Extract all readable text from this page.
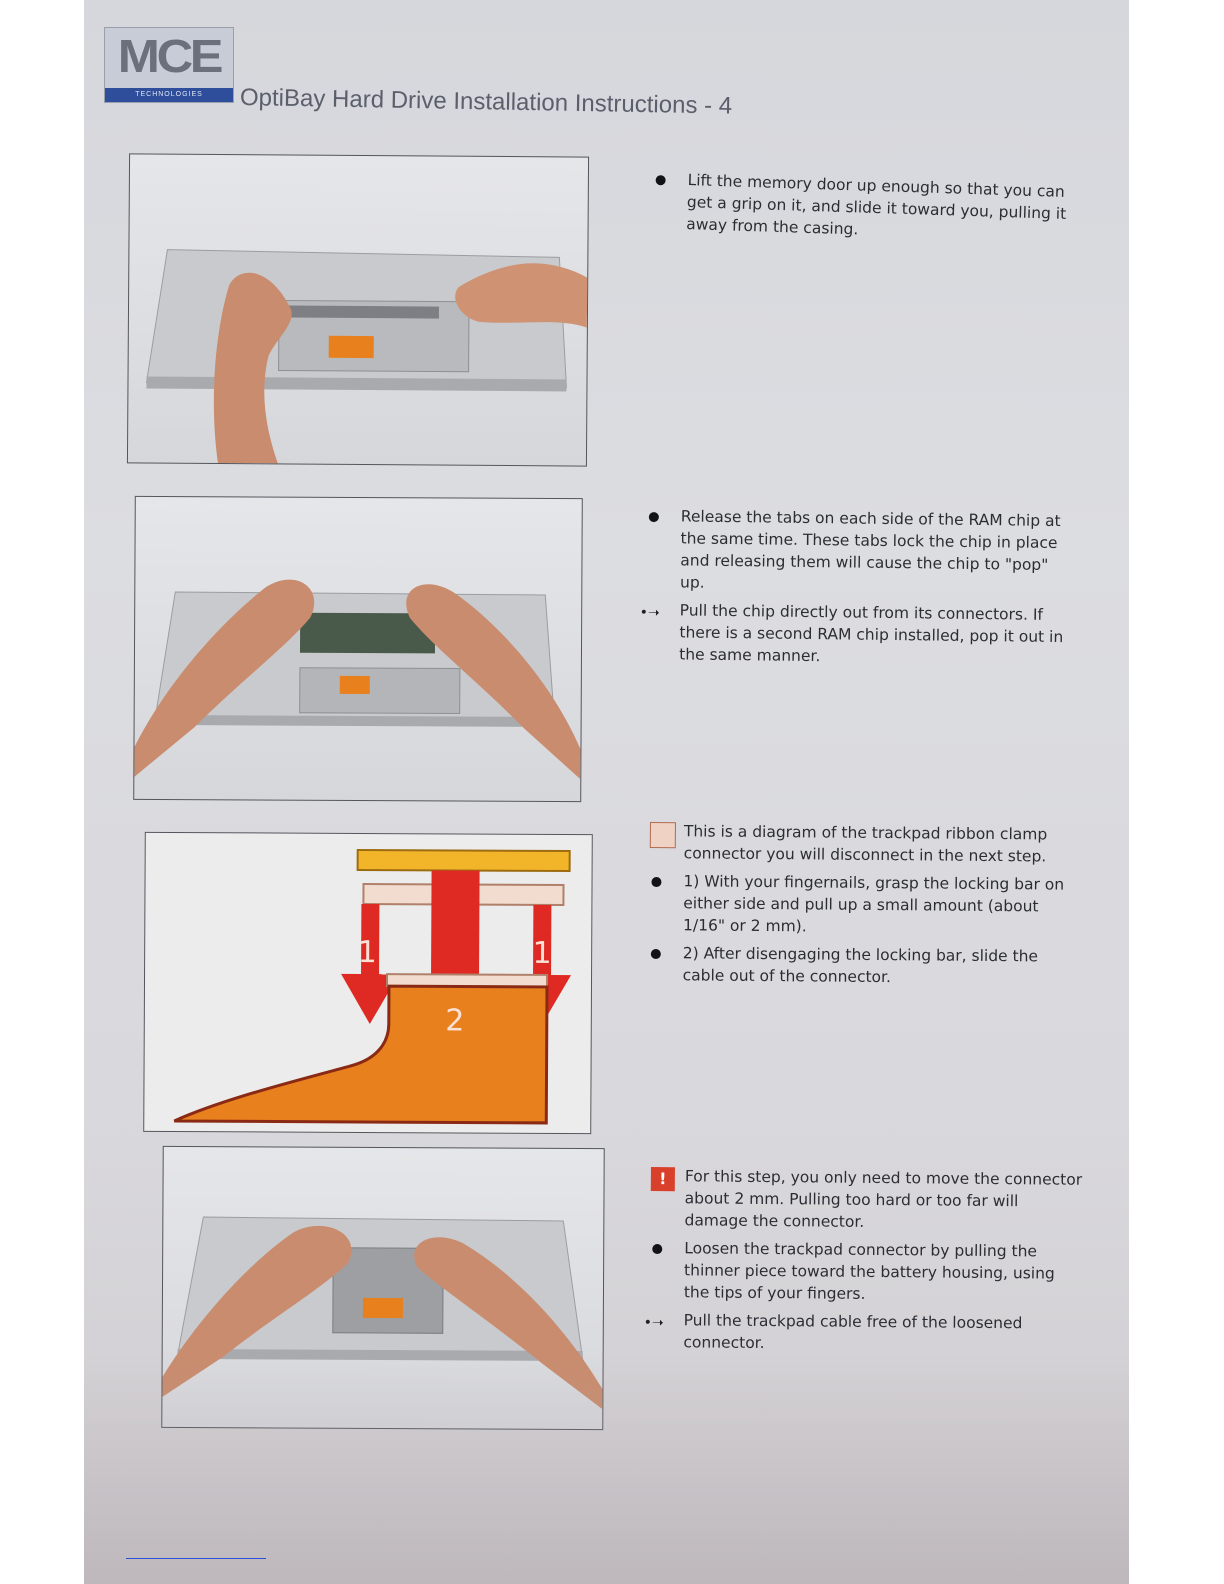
MCE
TECHNOLOGIES	OptiBay Hard Drive Installation Instructions - 4
1	1
2
Lift the memory door up enough so that you can get a grip on it, and slide it toward you, pulling it away from the casing.
Release the tabs on each side of the RAM chip at the same time. These tabs lock the chip in place and releasing them will cause the chip to "pop" up.
•➝ Pull the chip directly out from its connectors. If there is a second RAM chip installed, pop it out in the same manner.
This is a diagram of the trackpad ribbon clamp connector you will disconnect in the next step.
1) With your fingernails, grasp the locking bar on either side and pull up a small amount (about 1/16" or 2 mm).
2) After disengaging the locking bar, slide the cable out of the connector.
!	For this step, you only need to move the connector about 2 mm. Pulling too hard or too far will damage the connector.
Loosen the trackpad connector by pulling the thinner piece toward the battery housing, using the tips of your fingers.
•➝ Pull the trackpad cable free of the loosened connector.
